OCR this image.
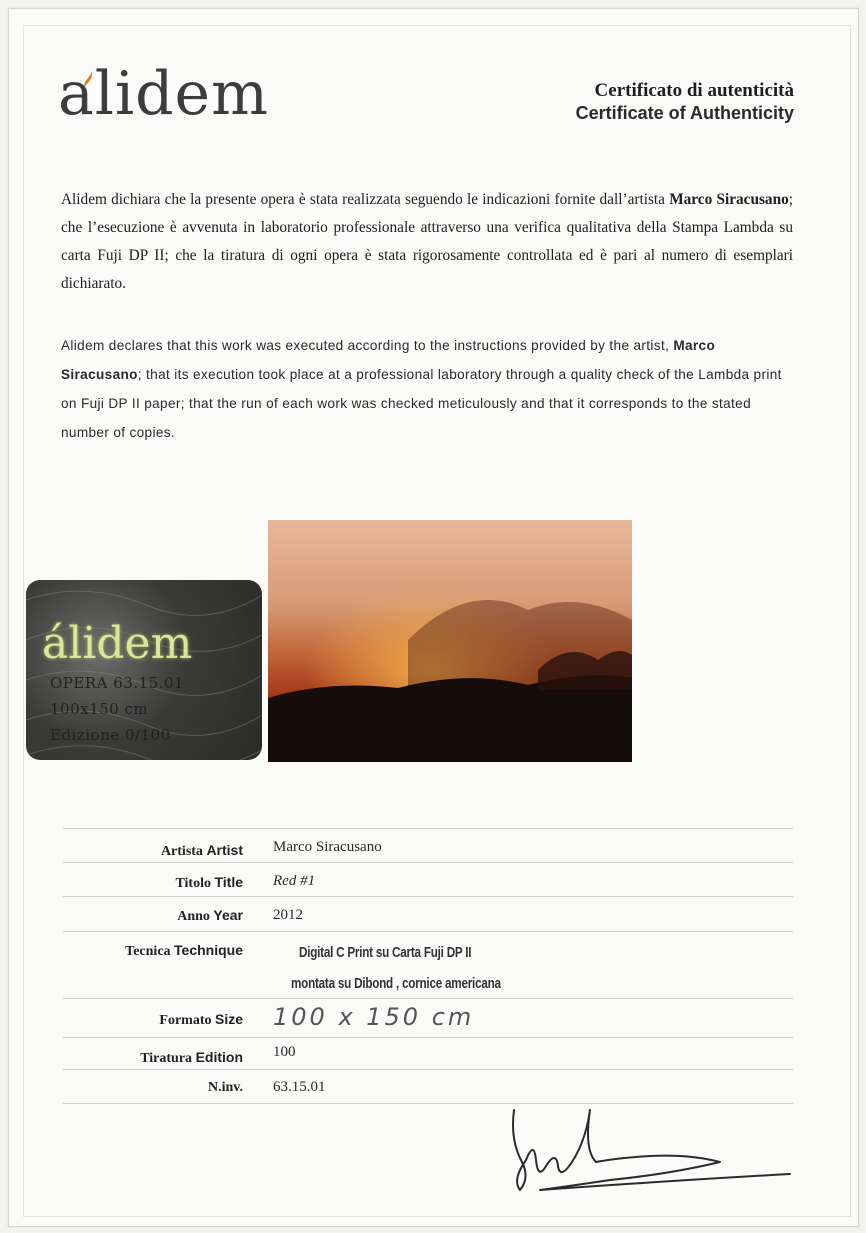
alidem	Certificato di autenticità
Certificate of Authenticity
Alidem dichiara che la presente opera è stata realizzata seguendo le indicazioni fornite dall’artista Marco Siracusano; che l’esecuzione è avvenuta in laboratorio professionale attraverso una verifica qualitativa della Stampa Lambda su carta Fuji DP II; che la tiratura di ogni opera è stata rigorosamente controllata ed è pari al numero di esemplari dichiarato.
Alidem declares that this work was executed according to the instructions provided by the artist, Marco Siracusano; that its execution took place at a professional laboratory through a quality check of the Lambda print on Fuji DP II paper; that the run of each work was checked meticulously and that it corresponds to the stated number of copies.
álidem
OPERA 63.15.01
100x150 cm
Edizione 0/100
Artista Artist Marco Siracusano
Titolo Title Red #1
Anno Year 2012
Tecnica Technique	Digital C Print su Carta Fuji DP II
montata su Dibond , cornice americana
Formato Size 100 x 150 cm
Tiratura Edition 100
N.inv. 63.15.01
